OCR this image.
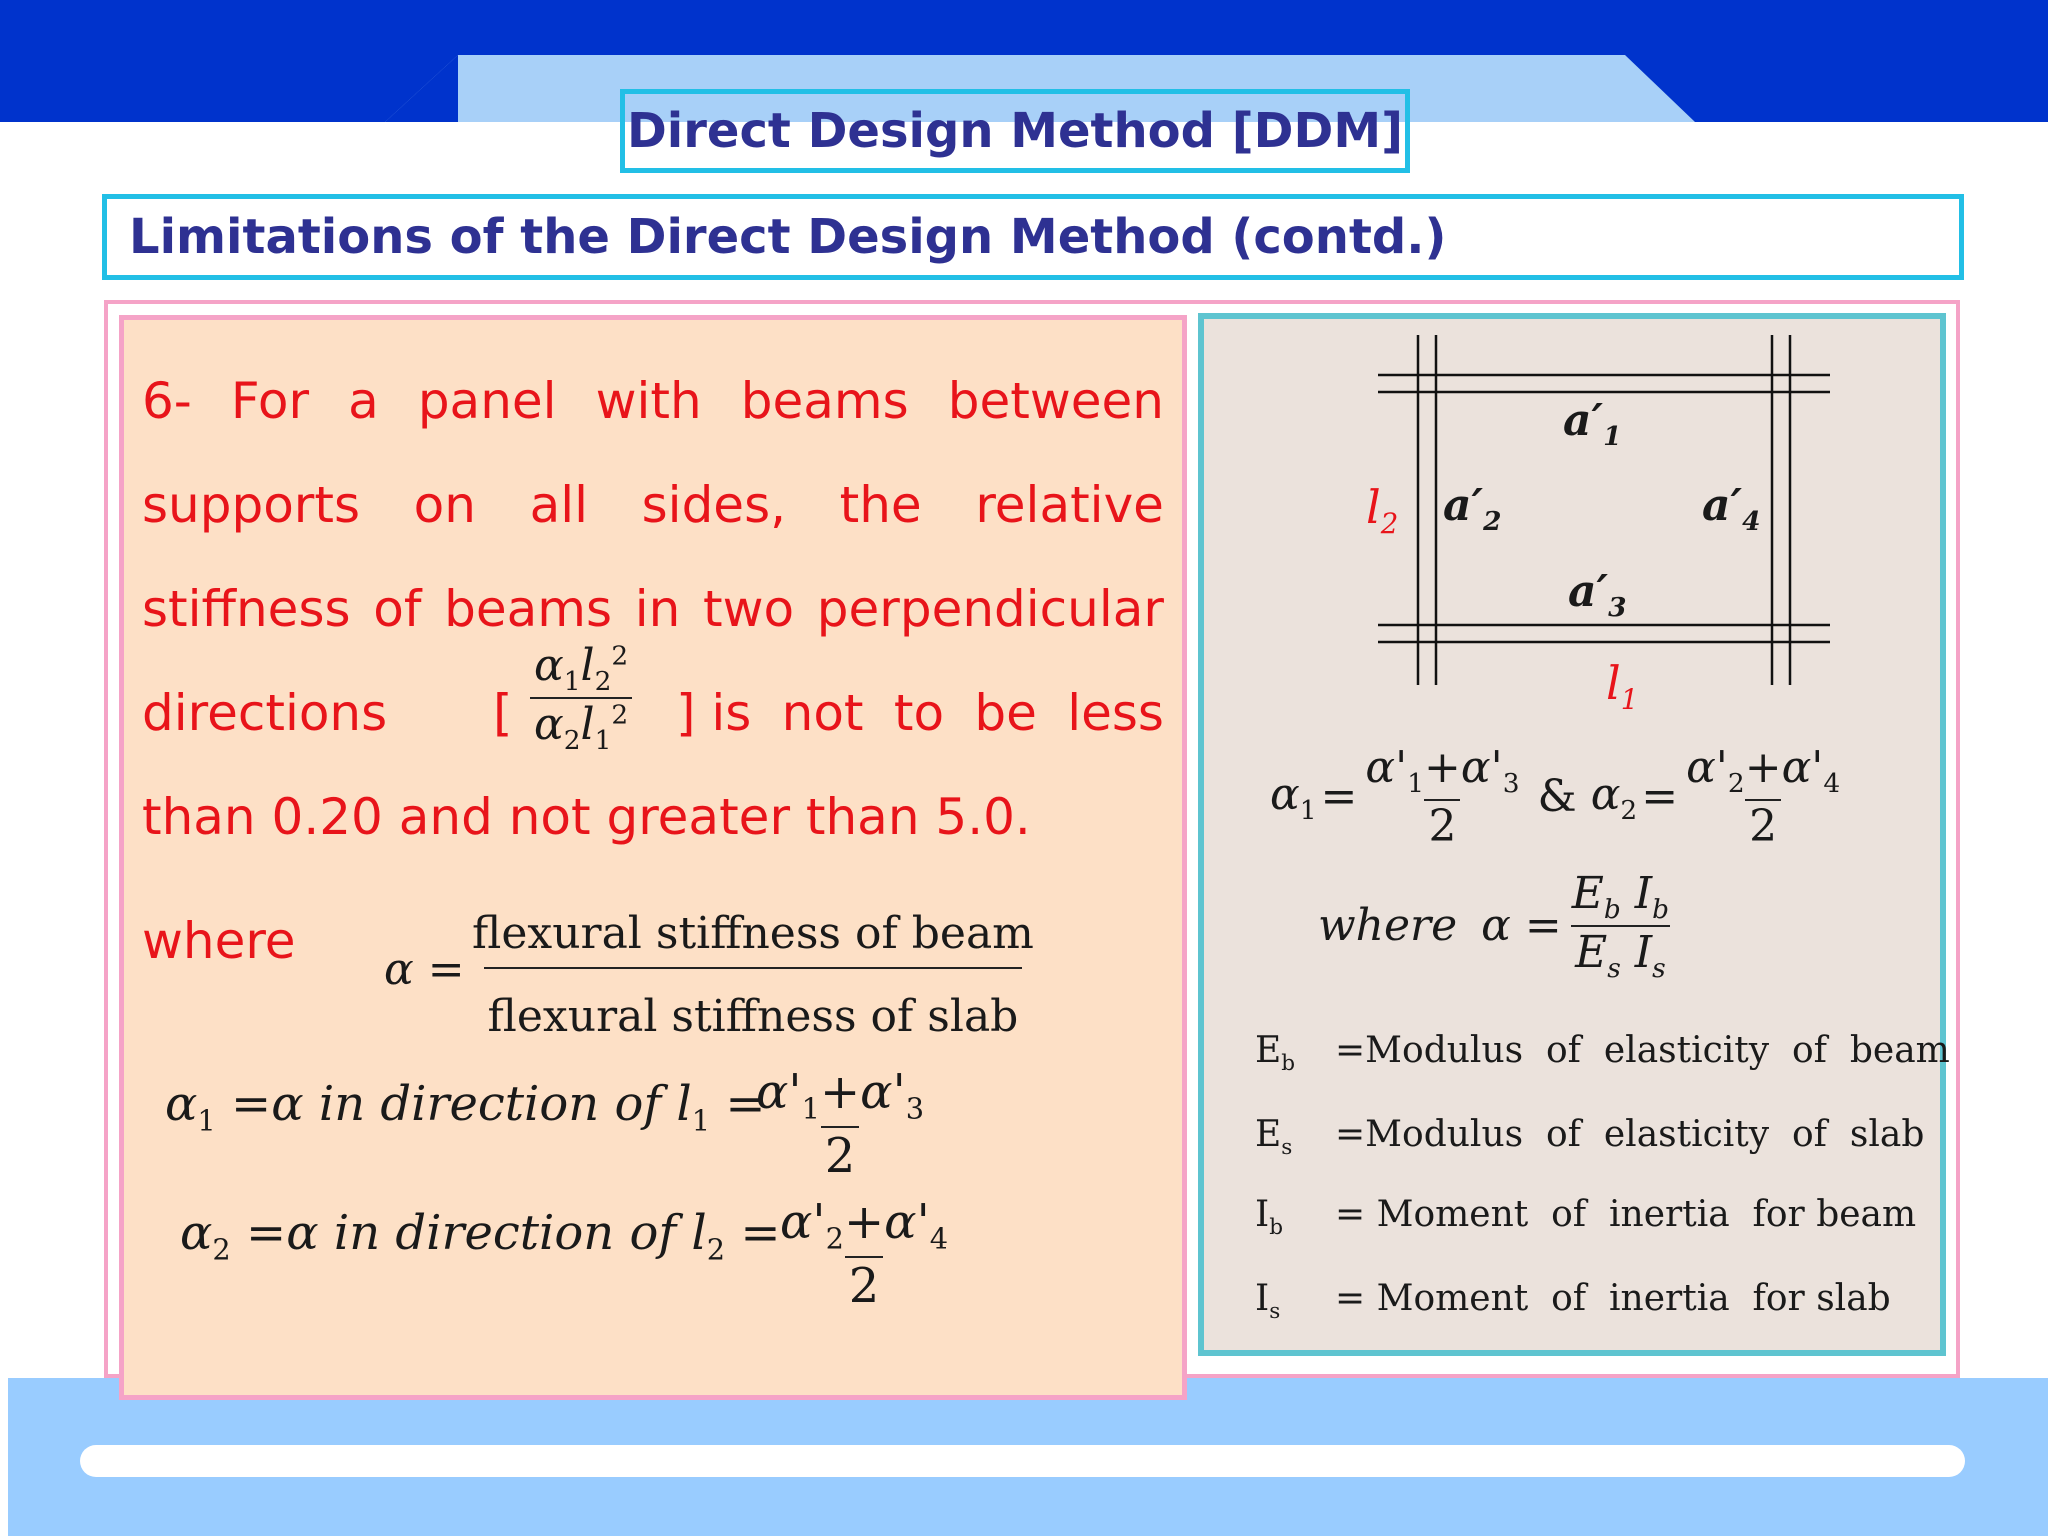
Direct Design Method [DDM]
Limitations of the Direct Design Method (contd.)
6- For a panel with beams between
supports on all sides, the relative
stiffness of beams in two perpendicular
directions [ $\frac{\alpha_1l_2^2}{\alpha_2l_1^2}$ ] is not to be less
than 0.20 and not greater than 5.0.
where $\alpha = \frac{\text{flexural stiffness of beam}}{\text{flexural stiffness of slab}}$
$\alpha_1 =\alpha$ in direction of $l_1$ =
$\frac{\alpha'_1+\alpha'_3}{2}$
$\alpha_2 =\alpha$ in direction of $l_2$ =
$\frac{\alpha'_2+\alpha'_4}{2}$
$a'_1$
$a'_2$	$a'_4$
$a'_3$
$l_2$
$l_1$
$\alpha_1 = \frac{\alpha'_1+\alpha'_3}{2}$ & $\alpha_2 = \frac{\alpha'_2+\alpha'_4}{2}$
where $\alpha = \frac{E_b I_b}{E_s I_s}$
$E_b$ =Modulus  of  elasticity  of  beam
$E_s$ =Modulus  of  elasticity  of  slab
$I_b$ = Moment  of  inertia  for beam
$I_s$ = Moment  of  inertia  for slab
